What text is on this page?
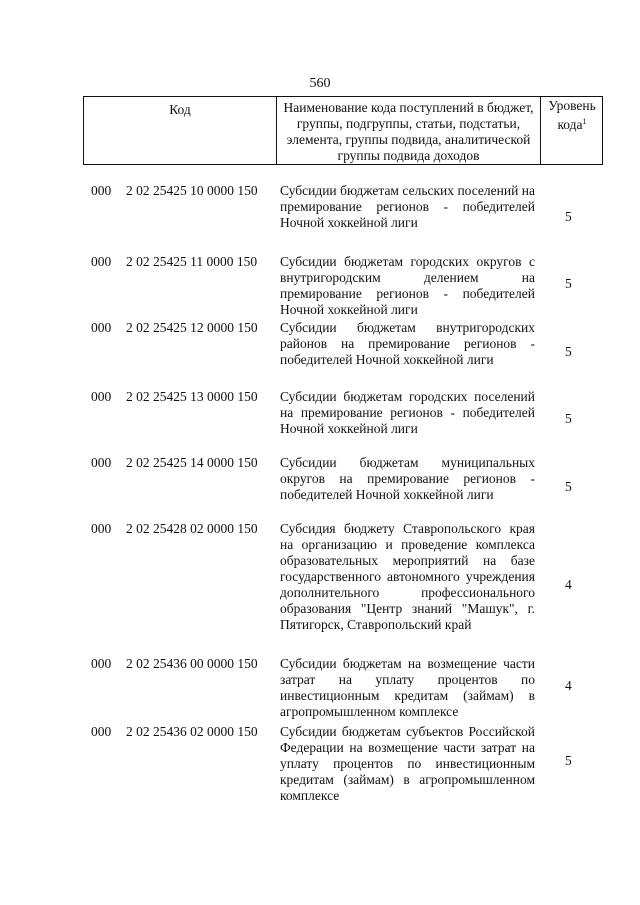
560
Код	Наименование кода поступлений в бюджет, группы, подгруппы, статьи, подстатьи, элемента, группы подвида, аналитической группы подвида доходов
Уровень кода$^1$
000 2 02 25425 10 0000 150 Субсидии бюджетам сельских поселений на премирование регионов - победителей Ночной хоккейной лиги	5
000 2 02 25425 11 0000 150 Субсидии бюджетам городских округов с внутригородским делением на премирование регионов - победителей Ночной хоккейной лиги
5
000 2 02 25425 12 0000 150 Субсидии бюджетам внутригородских районов на премирование регионов - победителей Ночной хоккейной лиги
5
000 2 02 25425 13 0000 150 Субсидии бюджетам городских поселений на премирование регионов - победителей Ночной хоккейной лиги
5
000 2 02 25425 14 0000 150 Субсидии бюджетам муниципальных округов на премирование регионов - победителей Ночной хоккейной лиги
5
000 2 02 25428 02 0000 150 Субсидия бюджету Ставропольского края на организацию и проведение комплекса образовательных мероприятий на базе государственного автономного учреждения дополнительного профессионального образования "Центр знаний "Машук", г. Пятигорск, Ставропольский край
4
000 2 02 25436 00 0000 150 Субсидии бюджетам на возмещение части затрат на уплату процентов по инвестиционным кредитам (займам) в агропромышленном комплексе
4
000 2 02 25436 02 0000 150 Субсидии бюджетам субъектов Российской Федерации на возмещение части затрат на уплату процентов по инвестиционным кредитам (займам) в агропромышленном комплексе
5
